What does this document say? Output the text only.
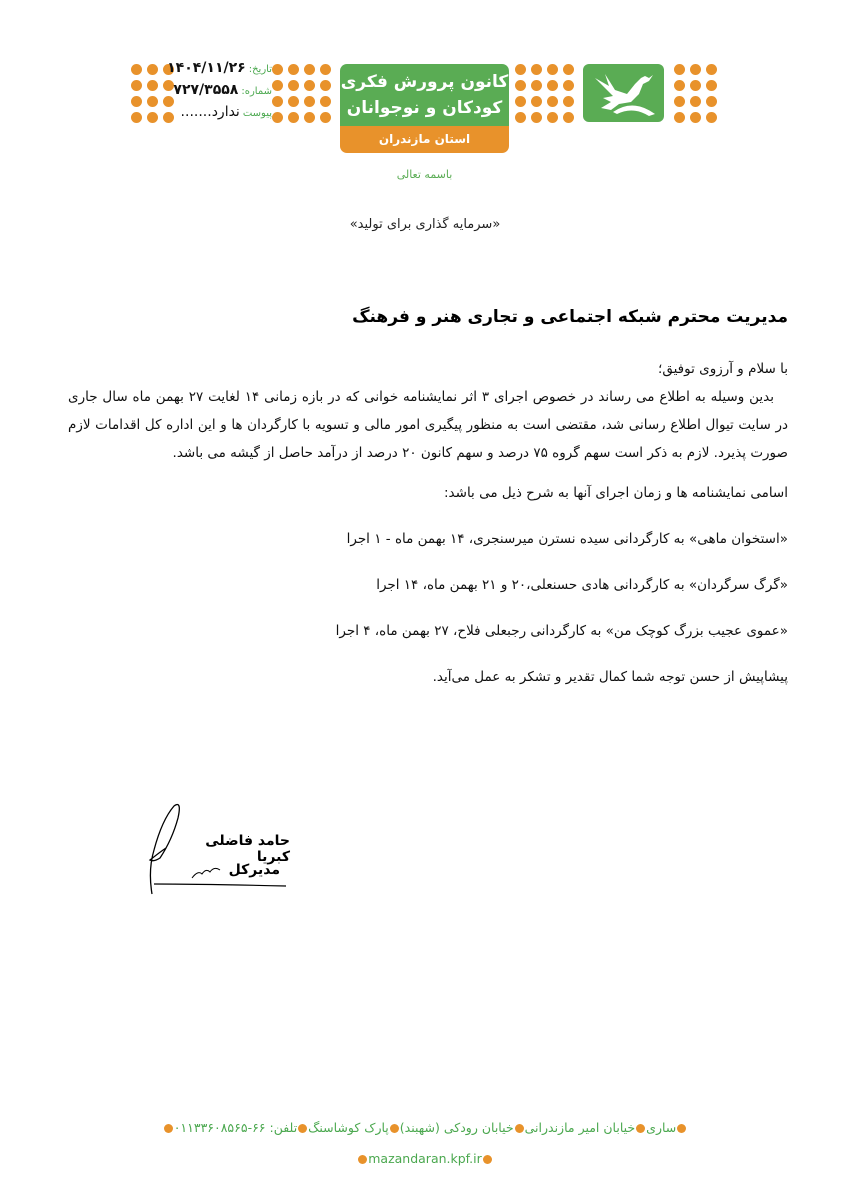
تاریخ:
۱۴۰۴/۱۱/۲۶
شماره:
۷۲۷/۳۵۵۸
پیوست
ندارد.......
کانون پرورش فکری
کودکان و نوجوانان
استان مازندران
باسمه تعالی
«سرمایه گذاری برای تولید»
مدیریت محترم شبکه اجتماعی و تجاری هنر و فرهنگ

با سلام و آرزوی توفیق؛

بدین وسیله به اطلاع می رساند در خصوص اجرای ۳ اثر نمایشنامه خوانی که در بازه زمانی ۱۴ لغایت ۲۷ بهمن ماه سال جاری در سایت تیوال اطلاع رسانی شد، مقتضی است به منظور پیگیری امور مالی و تسویه با کارگردان ها و این اداره کل اقدامات لازم صورت پذیرد. لازم به ذکر است سهم گروه ۷۵ درصد و سهم کانون ۲۰ درصد از درآمد حاصل از گیشه می باشد.

اسامی نمایشنامه ها و زمان اجرای آنها به شرح ذیل می باشد:

«استخوان ماهی» به کارگردانی سیده نسترن میرسنجری، ۱۴ بهمن ماه - ۱ اجرا

«گرگ سرگردان» به کارگردانی هادی حسنعلی،۲۰ و ۲۱ بهمن ماه، ۱۴ اجرا

«عموی عجیب بزرگ کوچک من» به کارگردانی رجبعلی فلاح، ۲۷ بهمن ماه، ۴ اجرا

پیشاپیش از حسن توجه شما کمال تقدیر و تشکر به عمل می‌آید.

حامد فاضلی کبریا
مدیرکل
ساریخیابان امیر مازندرانیخیابان رودکی (شهبند)پارک کوشاسنگتلفن: ۶۶-۰۱۱۳۳۶۰۸۵۶۵
mazandaran.kpf.ir
